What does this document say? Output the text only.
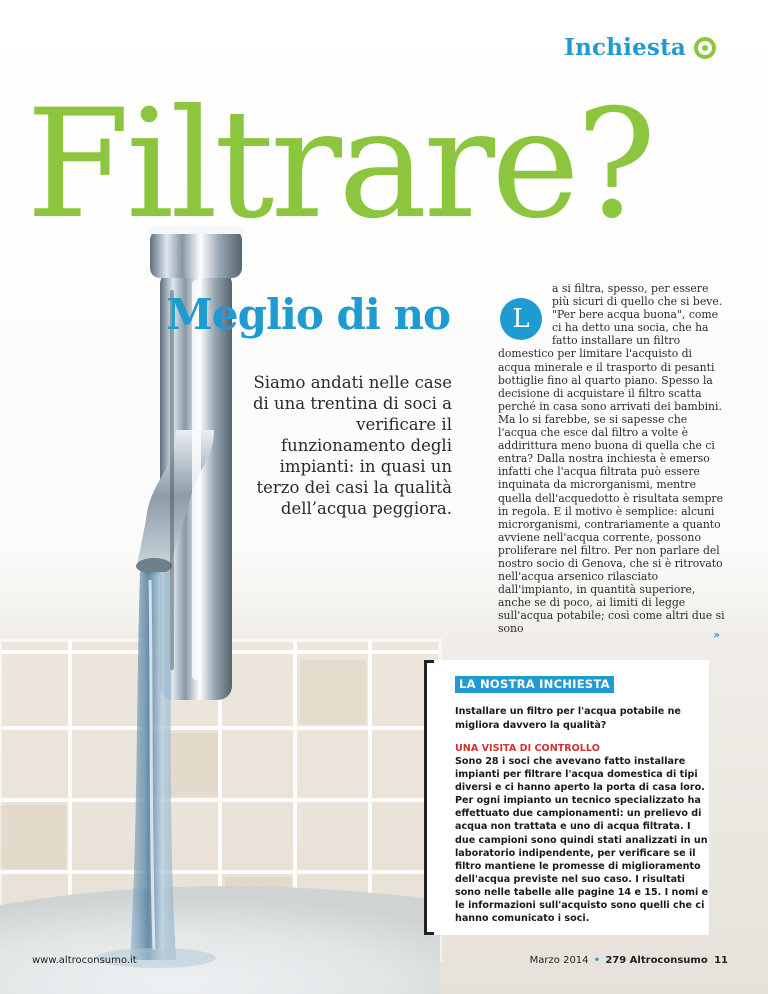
Inchiesta
Filtrare?
Meglio di no

Siamo andati nelle case di una trentina di soci a verificare il funzionamento degli impianti: in quasi un terzo dei casi la qualità dell’acqua peggiora.

L

a si filtra, spesso, per essere più sicuri di quello che si beve. "Per bere acqua buona", come ci ha detto una socia, che ha fatto installare un filtro domestico per limitare l'acquisto di acqua minerale e il trasporto di pesanti bottiglie fino al quarto piano. Spesso la decisione di acquistare il filtro scatta perché in casa sono arrivati dei bambini. Ma lo si farebbe, se si sapesse che l'acqua che esce dal filtro a volte è addirittura meno buona di quella che ci entra? Dalla nostra inchiesta è emerso infatti che l'acqua filtrata può essere inquinata da microrganismi, mentre quella dell'acquedotto è risultata sempre in regola. E il motivo è semplice: alcuni microrganismi, contrariamente a quanto avviene nell'acqua corrente, possono proliferare nel filtro. Per non parlare del nostro socio di Genova, che si è ritrovato nell'acqua arsenico rilasciato dall'impianto, in quantità superiore, anche se di poco, ai limiti di legge sull'acqua potabile; così come altri due si sono

»
LA NOSTRA INCHIESTA

Installare un filtro per l'acqua potabile ne migliora davvero la qualità?

UNA VISITA DI CONTROLLO

Sono 28 i soci che avevano fatto installare impianti per filtrare l'acqua domestica di tipi diversi e ci hanno aperto la porta di casa loro. Per ogni impianto un tecnico specializzato ha effettuato due campionamenti: un prelievo di acqua non trattata e uno di acqua filtrata. I due campioni sono quindi stati analizzati in un laboratorio indipendente, per verificare se il filtro mantiene le promesse di miglioramento dell'acqua previste nel suo caso. I risultati sono nelle tabelle alle pagine 14 e 15. I nomi e le informazioni sull'acquisto sono quelli che ci hanno comunicato i soci.

www.altroconsumo.it	Marzo 2014 • 279 Altroconsumo 11
